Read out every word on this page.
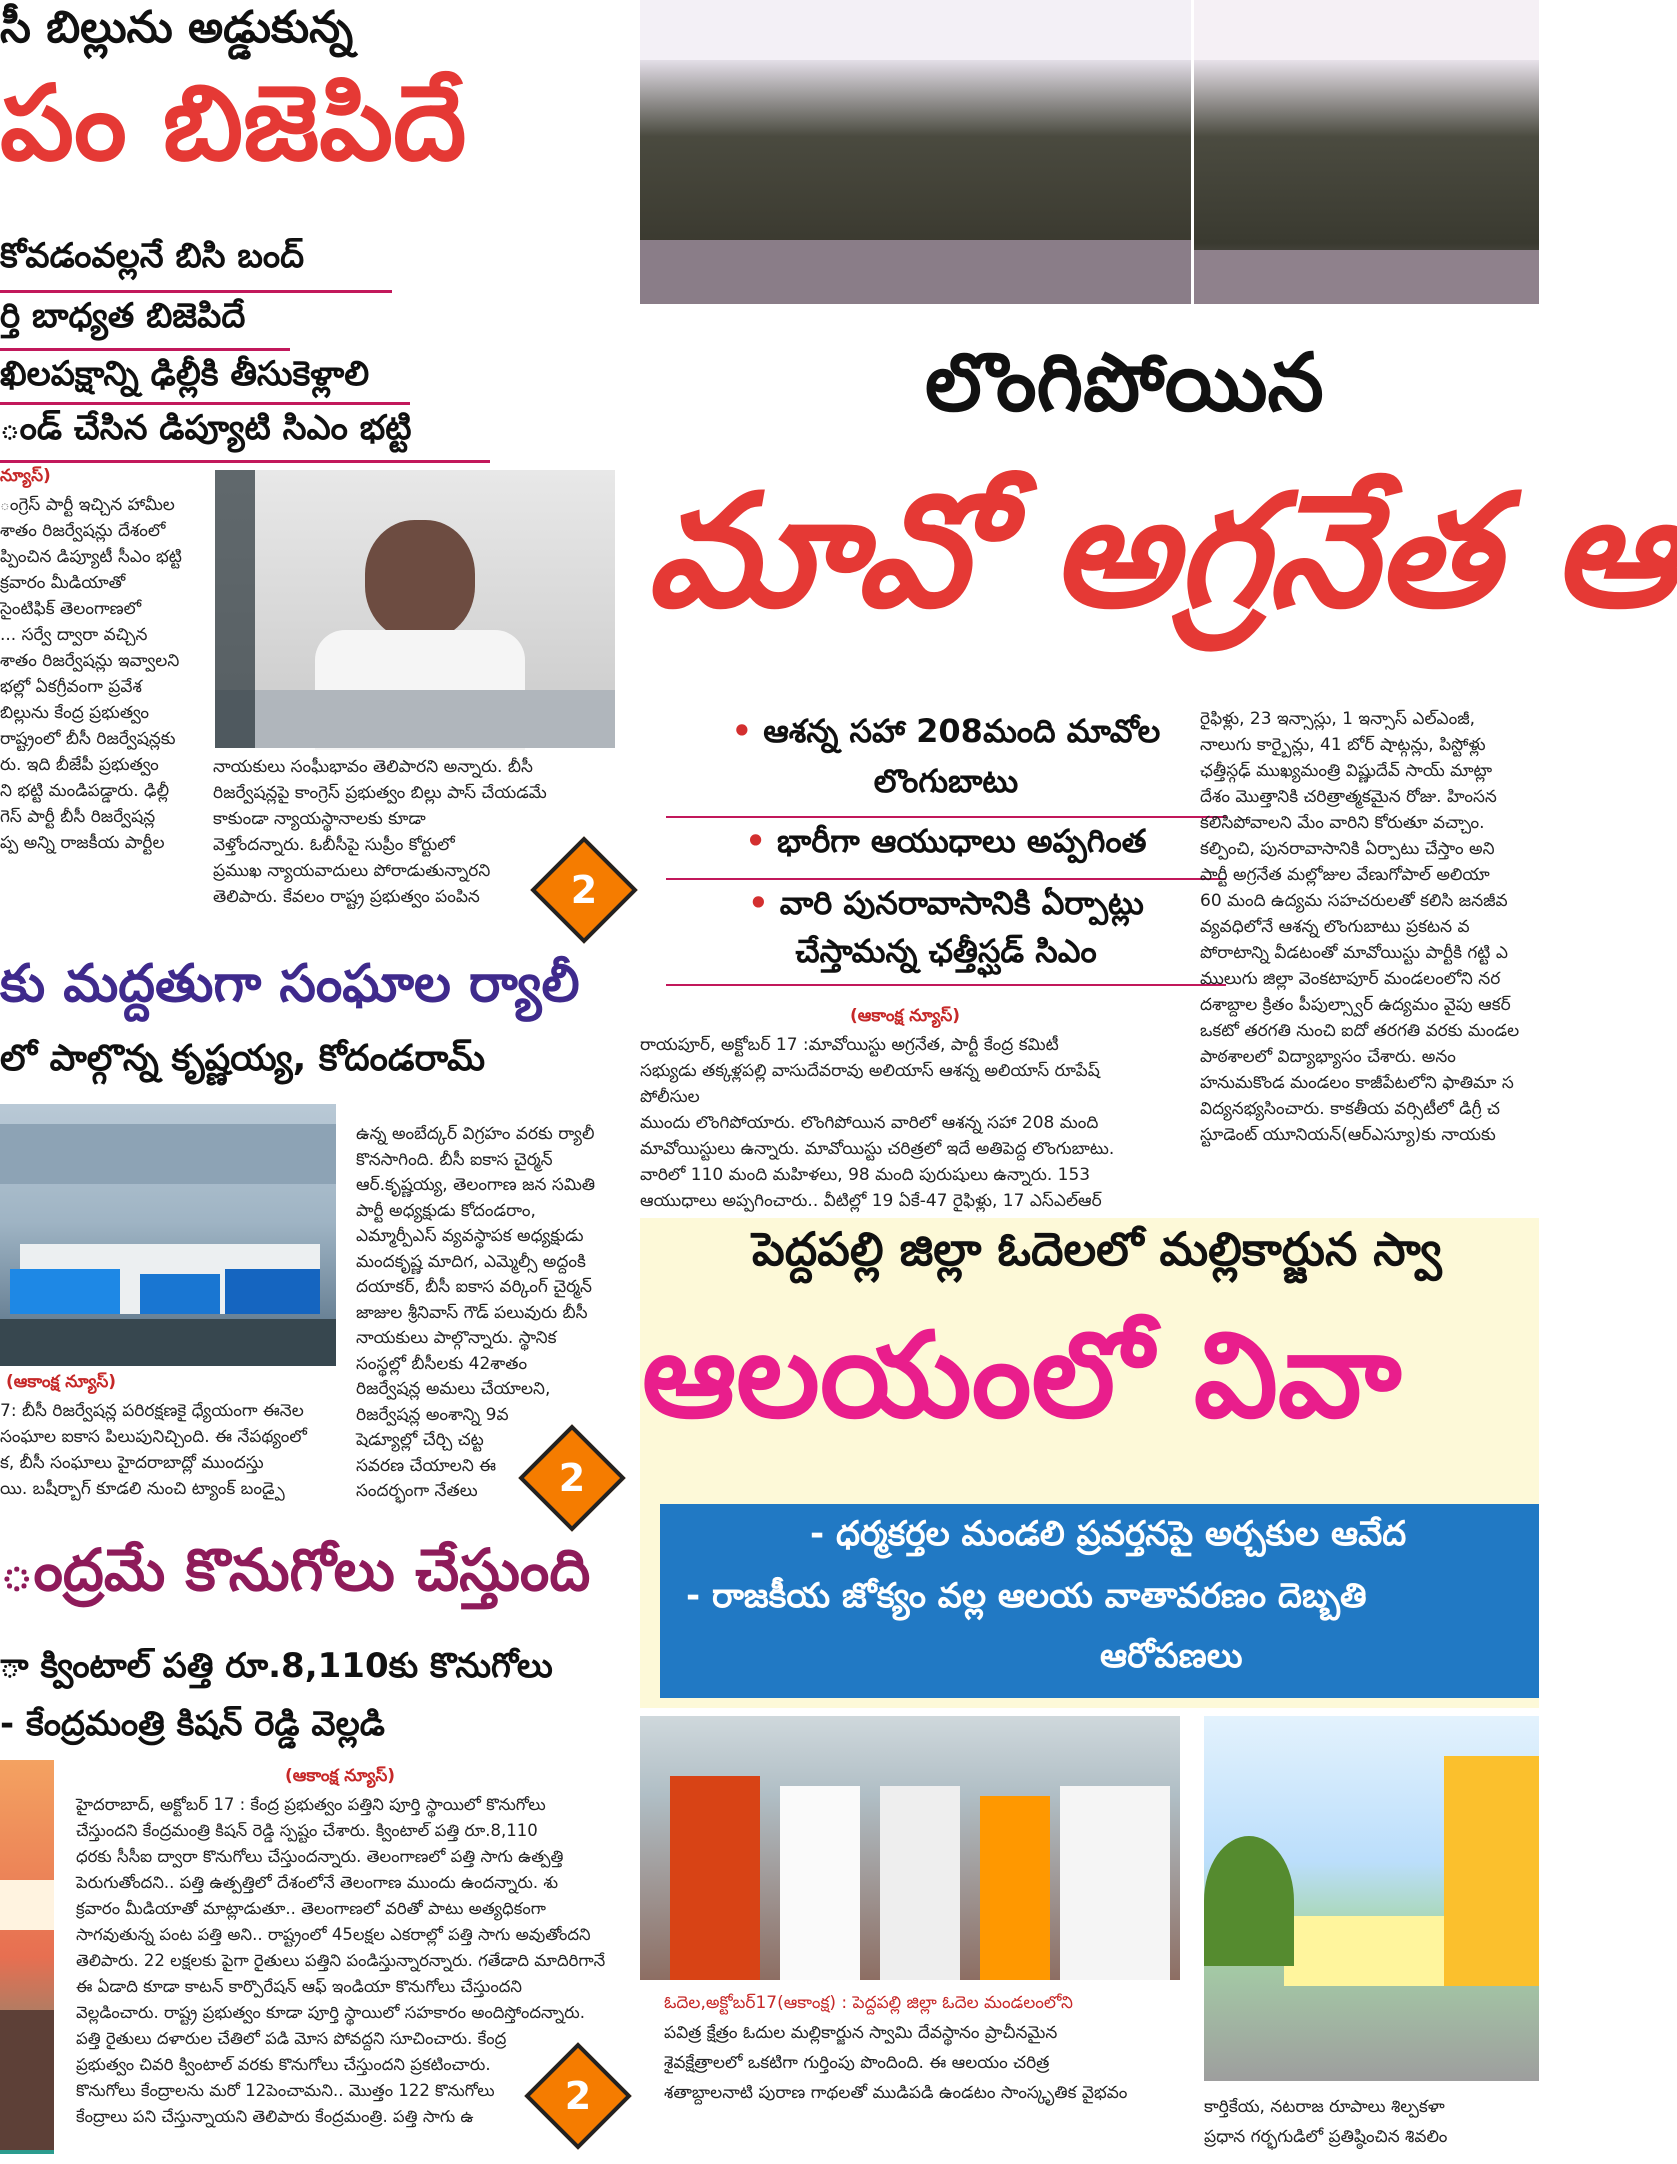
సీ బిల్లును అడ్డుకున్న
పం బిజెపిదే
కోవడంవల్లనే బిసి బంద్
ర్తి బాధ్యత బిజెపిదే
ఖిలపక్షాన్ని ఢిల్లీకి తీసుకెళ్లాలి
ండ్ చేసిన డిప్యూటి సిఎం భట్టి
న్యూస్)

ంగ్రెస్ పార్టీ ఇచ్చిన హామీల

శాతం రిజర్వేషన్లు దేశంలో

ప్పించిన డిప్యూటీ సీఎం భట్టి

క్రవారం మీడియాతో

సైంటిఫిక్ తెలంగాణలో

... సర్వే ద్వారా వచ్చిన

శాతం రిజర్వేషన్లు ఇవ్వాలని

భల్లో ఏకగ్రీవంగా ప్రవేశ

బిల్లును కేంద్ర ప్రభుత్వం

రాష్ట్రంలో బీసీ రిజర్వేషన్లకు

రు. ఇది బీజేపీ ప్రభుత్వం

ని భట్టి మండిపడ్డారు. ఢిల్లీ

గెస్ పార్టీ బీసీ రిజర్వేషన్ల

ప్ప అన్ని రాజకీయ పార్టీల

నాయకులు సంఘీభావం తెలిపారని అన్నారు. బీసీ

రిజర్వేషన్లపై కాంగ్రెస్ ప్రభుత్వం బిల్లు పాస్ చేయడమే

కాకుండా న్యాయస్థానాలకు కూడా

వెళ్తోందన్నారు. ఓబీసీపై సుప్రీం కోర్టులో

ప్రముఖ న్యాయవాదులు పోరాడుతున్నారని

తెలిపారు. కేవలం రాష్ట్ర ప్రభుత్వం పంపిన	2
కు మద్దతుగా సంఘాల ర్యాలీ
లో పాల్గొన్న కృష్ణయ్య, కోదండరామ్
(ఆకాంక్ష న్యూస్)

ఉన్న అంబేద్కర్ విగ్రహం వరకు ర్యాలీ

కొనసాగింది. బీసీ ఐకాస చైర్మన్

ఆర్.కృష్ణయ్య, తెలంగాణ జన సమితి

పార్టీ అధ్యక్షుడు కోదండరాం,

ఎమ్మార్పీఎస్ వ్యవస్థాపక అధ్యక్షుడు

మందకృష్ణ మాదిగ, ఎమ్మెల్సీ అద్దంకి

దయాకర్, బీసీ ఐకాస వర్కింగ్ చైర్మన్

జాజుల శ్రీనివాస్ గౌడ్ పలువురు బీసీ

నాయకులు పాల్గొన్నారు. స్థానిక

సంస్థల్లో బీసీలకు 42శాతం

రిజర్వేషన్ల అమలు చేయాలని,

రిజర్వేషన్ల అంశాన్ని 9వ

షెడ్యూల్లో చేర్చి చట్ట

సవరణ చేయాలని ఈ

సందర్భంగా నేతలు

7: బీసీ రిజర్వేషన్ల పరిరక్షణకై ధ్యేయంగా ఈనెల

సంఘాల ఐకాస పిలుపునిచ్చింది. ఈ నేపథ్యంలో

క, బీసీ సంఘాలు హైదరాబాద్లో ముందస్తు

యి. బషీర్బాగ్ కూడలి నుంచి ట్యాంక్ బండ్పై	2
ంద్రమే కొనుగోలు చేస్తుంది
ా క్వింటాల్ పత్తి రూ.8,110కు కొనుగోలు
- కేంద్రమంత్రి కిషన్ రెడ్డి వెల్లడి
(ఆకాంక్ష న్యూస్)

హైదరాబాద్, అక్టోబర్ 17 : కేంద్ర ప్రభుత్వం పత్తిని పూర్తి స్థాయిలో కొనుగోలు

చేస్తుందని కేంద్రమంత్రి కిషన్ రెడ్డి స్పష్టం చేశారు. క్వింటాల్ పత్తి రూ.8,110

ధరకు సీసీఐ ద్వారా కొనుగోలు చేస్తుందన్నారు. తెలంగాణలో పత్తి సాగు ఉత్పత్తి

పెరుగుతోందని.. పత్తి ఉత్పత్తిలో దేశంలోనే తెలంగాణ ముందు ఉందన్నారు. శు

క్రవారం మీడియాతో మాట్లాడుతూ.. తెలంగాణలో వరితో పాటు అత్యధికంగా

సాగవుతున్న పంట పత్తి అని.. రాష్ట్రంలో 45లక్షల ఎకరాల్లో పత్తి సాగు అవుతోందని

తెలిపారు. 22 లక్షలకు పైగా రైతులు పత్తిని పండిస్తున్నారన్నారు. గతేడాది మాదిరిగానే

ఈ ఏడాది కూడా కాటన్ కార్పొరేషన్ ఆఫ్ ఇండియా కొనుగోలు చేస్తుందని

వెల్లడించారు. రాష్ట్ర ప్రభుత్వం కూడా పూర్తి స్థాయిలో సహకారం అందిస్తోందన్నారు.

పత్తి రైతులు దళారుల చేతిలో పడి మోస పోవద్దని సూచించారు. కేంద్ర

ప్రభుత్వం చివరి క్వింటాల్ వరకు కొనుగోలు చేస్తుందని ప్రకటించారు.

కొనుగోలు కేంద్రాలను మరో 12పెంచామని.. మొత్తం 122 కొనుగోలు

కేంద్రాలు పని చేస్తున్నాయని తెలిపారు కేంద్రమంత్రి. పత్తి సాగు ఉ	2
లొంగిపోయిన
మావో అగ్రనేత ఆ
• ఆశన్న సహా 208మంది మావోల
లొంగుబాటు
• భారీగా ఆయుధాలు అప్పగింత
• వారి పునరావాసానికి ఏర్పాట్లు
చేస్తామన్న ఛత్తీస్ఘడ్ సిఎం
(ఆకాంక్ష న్యూస్)

రాయపూర్, అక్టోబర్ 17 :మావోయిస్టు అగ్రనేత, పార్టీ కేంద్ర కమిటీ

సభ్యుడు తక్కళ్లపల్లి వాసుదేవరావు అలియాస్ ఆశన్న అలియాస్ రూపేష్ పోలీసుల

ముందు లొంగిపోయారు. లొంగిపోయిన వారిలో ఆశన్న సహా 208 మంది

మావోయిస్టులు ఉన్నారు. మావోయిస్టు చరిత్రలో ఇదే అతిపెద్ద లొంగుబాటు.

వారిలో 110 మంది మహిళలు, 98 మంది పురుషులు ఉన్నారు. 153

ఆయుధాలు అప్పగించారు.. వీటిల్లో 19 ఏకే-47 రైఫిళ్లు, 17 ఎస్ఎల్ఆర్

రైఫిళ్లు, 23 ఇన్సాస్లు, 1 ఇన్సాస్ ఎల్ఎంజీ,

నాలుగు కార్బైన్లు, 41 బోర్ షాట్గన్లు, పిస్టోళ్లు

ఛత్తీస్గఢ్ ముఖ్యమంత్రి విష్ణుదేవ్ సాయ్ మాట్లా

దేశం మొత్తానికి చరిత్రాత్మకమైన రోజు. హింసన

కలిసిపోవాలని మేం వారిని కోరుతూ వచ్చాం.

కల్పించి, పునరావాసానికి ఏర్పాటు చేస్తాం అని

పార్టీ అగ్రనేత మల్లోజుల వేణుగోపాల్ అలియా

60 మంది ఉద్యమ సహచరులతో కలిసి జనజీవ

వ్యవధిలోనే ఆశన్న లొంగుబాటు ప్రకటన వ

పోరాటాన్ని వీడటంతో మావోయిస్టు పార్టీకి గట్టి ఎ

ములుగు జిల్లా వెంకటాపూర్ మండలంలోని నర

దశాబ్దాల క్రితం పీపుల్స్వార్ ఉద్యమం వైపు ఆకర్

ఒకటో తరగతి నుంచి ఐదో తరగతి వరకు మండల

పాఠశాలలో విద్యాభ్యాసం చేశారు. అనం

హనుమకొండ మండలం కాజీపేటలోని ఫాతిమా స

విద్యనభ్యసించారు. కాకతీయ వర్సిటీలో డిగ్రీ చ

స్టూడెంట్ యూనియన్(ఆర్ఎస్యూ)కు నాయకు

పెద్దపల్లి జిల్లా ఓదెలలో మల్లికార్జున స్వా
ఆలయంలో వివా
- ధర్మకర్తల మండలి ప్రవర్తనపై అర్చకుల ఆవేద
- రాజకీయ జోక్యం వల్ల ఆలయ వాతావరణం దెబ్బతి
ఆరోపణలు

ఓదెల,అక్టోబర్17(ఆకాంక్ష) : పెద్దపల్లి జిల్లా ఓదెల మండలంలోని

పవిత్ర క్షేత్రం ఓదుల మల్లికార్జున స్వామి దేవస్థానం ప్రాచీనమైన

శైవక్షేత్రాలలో ఒకటిగా గుర్తింపు పొందింది. ఈ ఆలయం చరిత్ర

శతాబ్దాలనాటి పురాణ గాథలతో ముడిపడి ఉండటం సాంస్కృతిక వైభవం

కార్తికేయ, నటరాజ రూపాలు శిల్పకళా

ప్రధాన గర్భగుడిలో ప్రతిష్ఠించిన శివలిం
